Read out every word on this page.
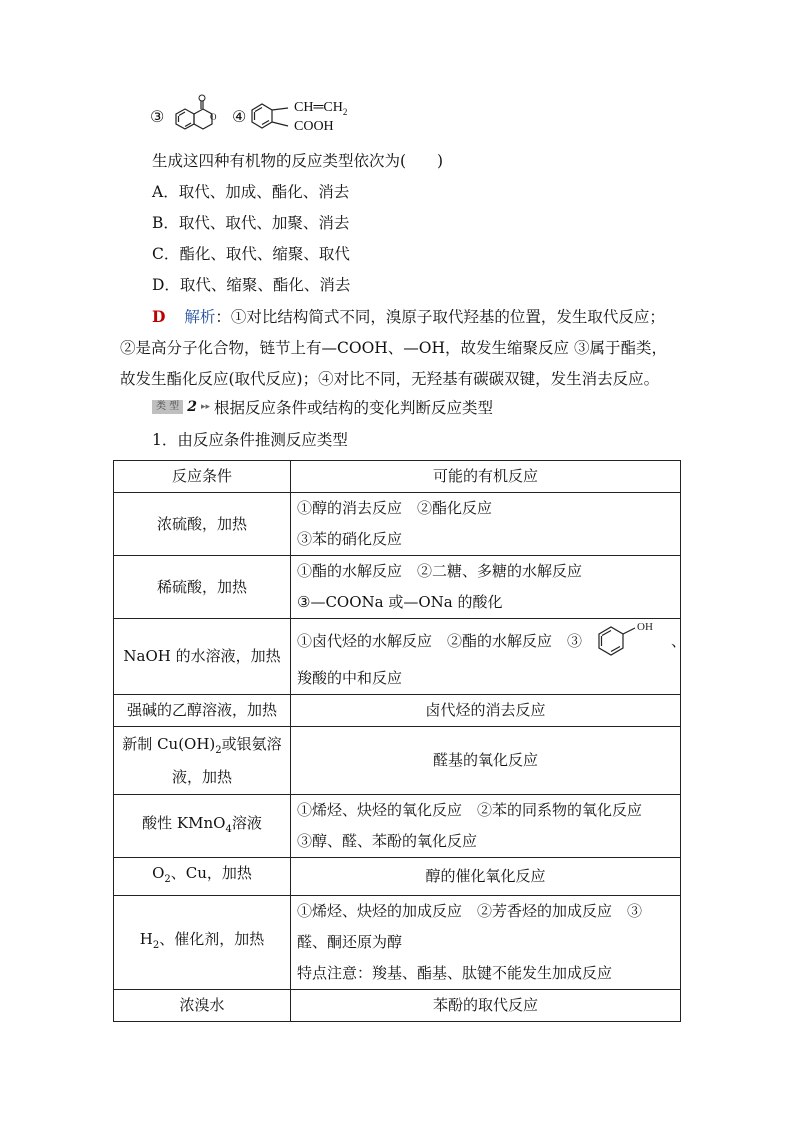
③	O ④	$CH═CH_2$
COOH
生成这四种有机物的反应类型依次为(　　)
A．取代、加成、酯化、消去
B．取代、取代、加聚、消去
C．酯化、取代、缩聚、取代
D．取代、缩聚、酯化、消去
D 解析：①对比结构简式不同，溴原子取代羟基的位置，发生取代反应；
②是高分子化合物，链节上有—COOH、—OH，故发生缩聚反应 ③属于酯类，
故发生酯化反应(取代反应)；④对比不同，无羟基有碳碳双键，发生消去反应。
类 型 2 ▸▸ 根据反应条件或结构的变化判断反应类型
1．由反应条件推测反应类型
反应条件	可能的有机反应
浓硫酸，加热	①醇的消去反应　②酯化反应
③苯的硝化反应

稀硫酸，加热	①酯的水解反应　②二糖、多糖的水解反应
③—COONa 或—ONa 的酸化

NaOH 的水溶液，加热	①卤代烃的水解反应　②酯的水解反应　③
OH
、
羧酸的中和反应

强碱的乙醇溶液，加热	卤代烃的消去反应

新制 $Cu(OH)_2$或银氨溶
液，加热	醛基的氧化反应
酸性 KMnO$_4$溶液	①烯烃、炔烃的氧化反应　②苯的同系物的氧化反应
③醇、醛、苯酚的氧化反应

$O_2$、Cu，加热	醇的催化氧化反应
$H_2$、催化剂，加热	①烯烃、炔烃的加成反应　②芳香烃的加成反应　③
醛、酮还原为醇
特点注意：羧基、酯基、肽键不能发生加成反应

浓溴水	苯酚的取代反应
